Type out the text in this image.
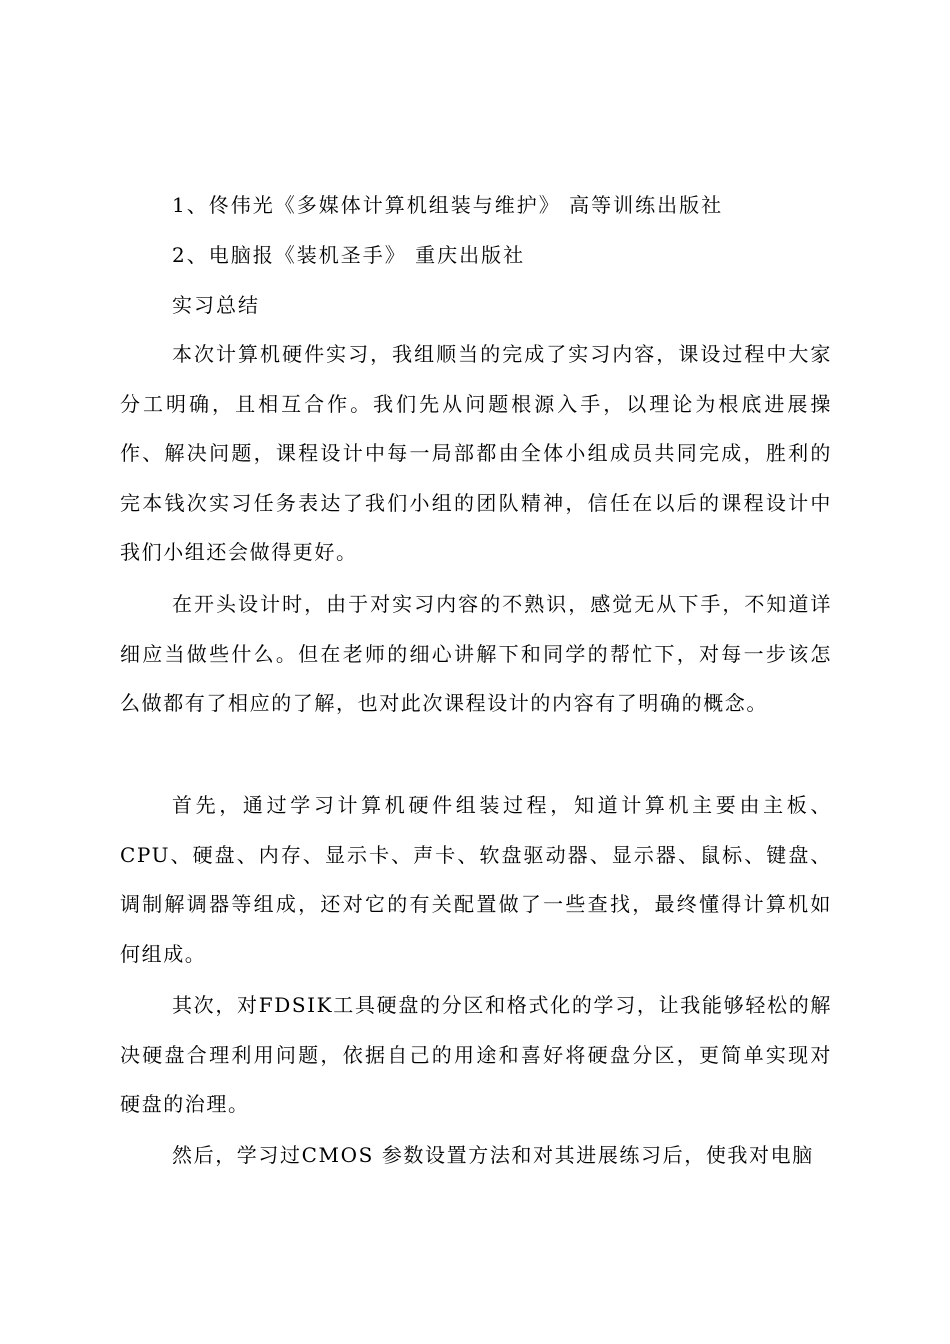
1、佟伟光《多媒体计算机组装与维护》 高等训练出版社
2、电脑报《装机圣手》 重庆出版社
实习总结

本次计算机硬件实习，我组顺当的完成了实习内容，课设过程中大家分工明确，且相互合作。我们先从问题根源入手，以理论为根底进展操作、解决问题，课程设计中每一局部都由全体小组成员共同完成，胜利的完本钱次实习任务表达了我们小组的团队精神，信任在以后的课程设计中我们小组还会做得更好。

在开头设计时，由于对实习内容的不熟识，感觉无从下手，不知道详细应当做些什么。但在老师的细心讲解下和同学的帮忙下，对每一步该怎么做都有了相应的了解，也对此次课程设计的内容有了明确的概念。

首先，通过学习计算机硬件组装过程，知道计算机主要由主板、CPU、硬盘、内存、显示卡、声卡、软盘驱动器、显示器、鼠标、键盘、调制解调器等组成，还对它的有关配置做了一些查找，最终懂得计算机如何组成。

其次，对FDSIK工具硬盘的分区和格式化的学习，让我能够轻松的解决硬盘合理利用问题，依据自己的用途和喜好将硬盘分区，更简单实现对硬盘的治理。

然后，学习过CMOS 参数设置方法和对其进展练习后，使我对电脑
